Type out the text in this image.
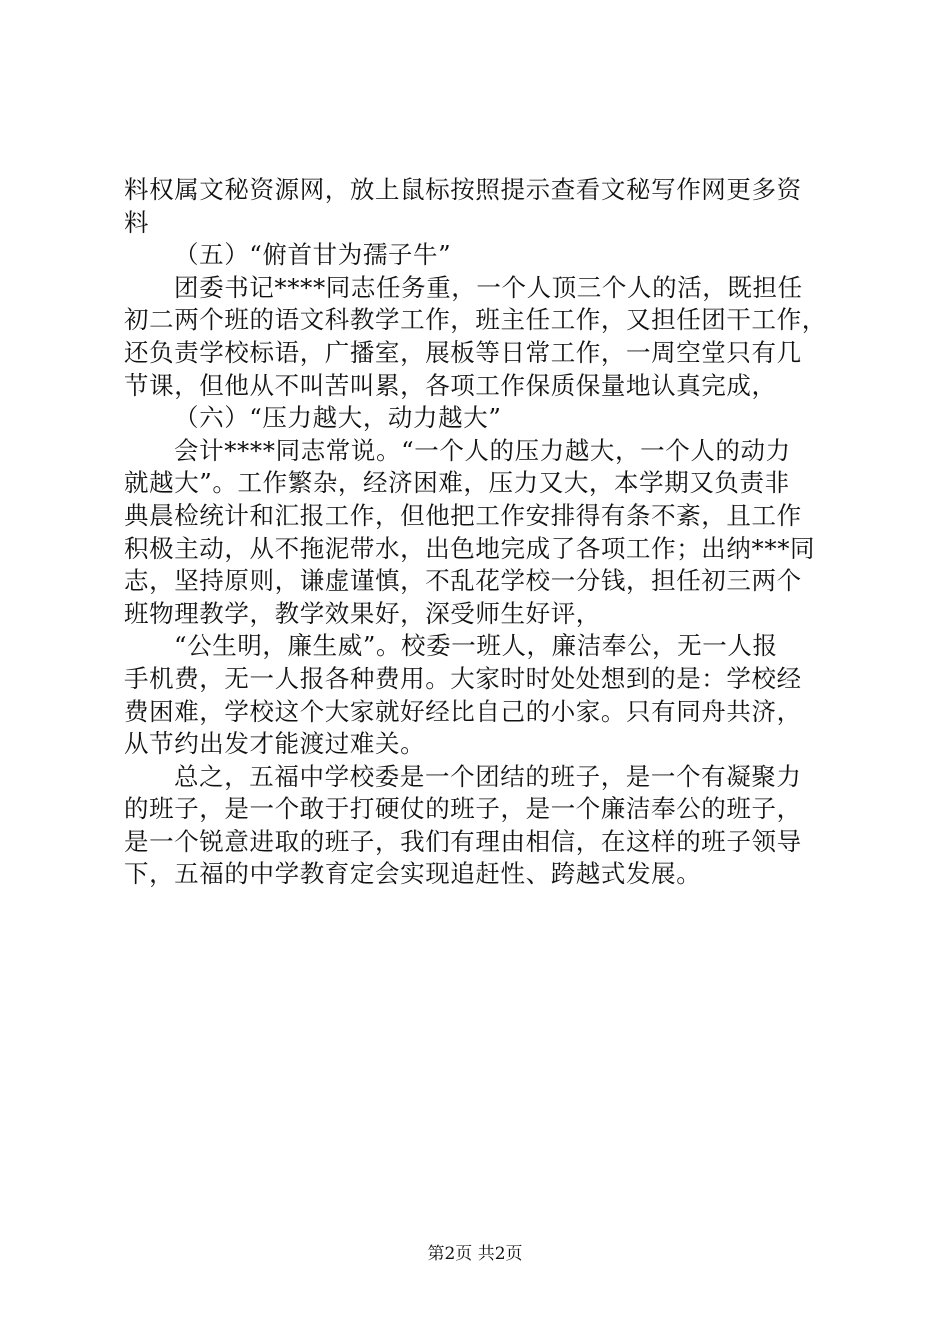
料权属文秘资源网，放上鼠标按照提示查看文秘写作网更多资
料
（五）“俯首甘为孺子牛”
团委书记****同志任务重，一个人顶三个人的活，既担任
初二两个班的语文科教学工作，班主任工作，又担任团干工作，
还负责学校标语，广播室，展板等日常工作，一周空堂只有几
节课，但他从不叫苦叫累，各项工作保质保量地认真完成，
（六）“压力越大，动力越大”
会计****同志常说。“一个人的压力越大，一个人的动力
就越大”。工作繁杂，经济困难，压力又大，本学期又负责非
典晨检统计和汇报工作，但他把工作安排得有条不紊，且工作
积极主动，从不拖泥带水，出色地完成了各项工作；出纳***同
志，坚持原则，谦虚谨慎，不乱花学校一分钱，担任初三两个
班物理教学，教学效果好，深受师生好评，
“公生明，廉生威”。校委一班人，廉洁奉公，无一人报
手机费，无一人报各种费用。大家时时处处想到的是：学校经
费困难，学校这个大家就好经比自己的小家。只有同舟共济，
从节约出发才能渡过难关。
总之，五福中学校委是一个团结的班子，是一个有凝聚力
的班子，是一个敢于打硬仗的班子，是一个廉洁奉公的班子，
是一个锐意进取的班子，我们有理由相信，在这样的班子领导
下，五福的中学教育定会实现追赶性、跨越式发展。
第2页 共2页
